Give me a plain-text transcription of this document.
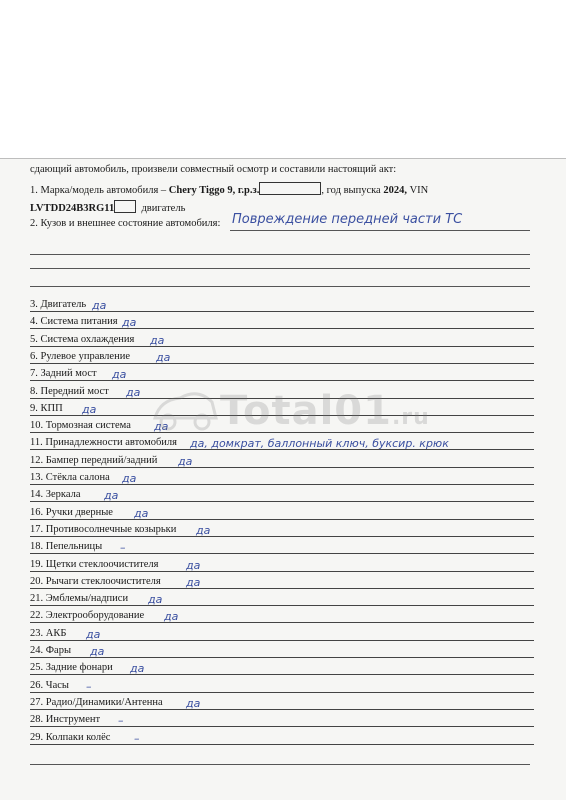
сдающий автомобиль, произвели совместный осмотр и составили настоящий акт:
1. Марка/модель автомобиля – Chery Tiggo 9, г.р.з.	, год выпуска 2024, VIN
LVTDD24B3RG11	двигатель
2. Кузов и внешнее состояние автомобиля: Повреждение передней части ТС
3. Двигатель да
4. Система питания да
5. Система охлаждения да
6. Рулевое управление да
7. Задний мост да
8. Передний мост да
9. КПП да
10. Тормозная система да
11. Принадлежности автомобиля да, домкрат, баллонный ключ, буксир. крюк
12. Бампер передний/задний да
13. Стёкла салона да
14. Зеркала да
16. Ручки дверные да
17. Противосолнечные козырьки да
18. Пепельницы –
19. Щетки стеклоочистителя да
20. Рычаги стеклоочистителя да
21. Эмблемы/надписи да
22. Электрооборудование да
23. АКБ да
24. Фары да
25. Задние фонари да
26. Часы –
27. Радио/Динамики/Антенна да
28. Инструмент –
29. Колпаки колёс –
Total01.ru
